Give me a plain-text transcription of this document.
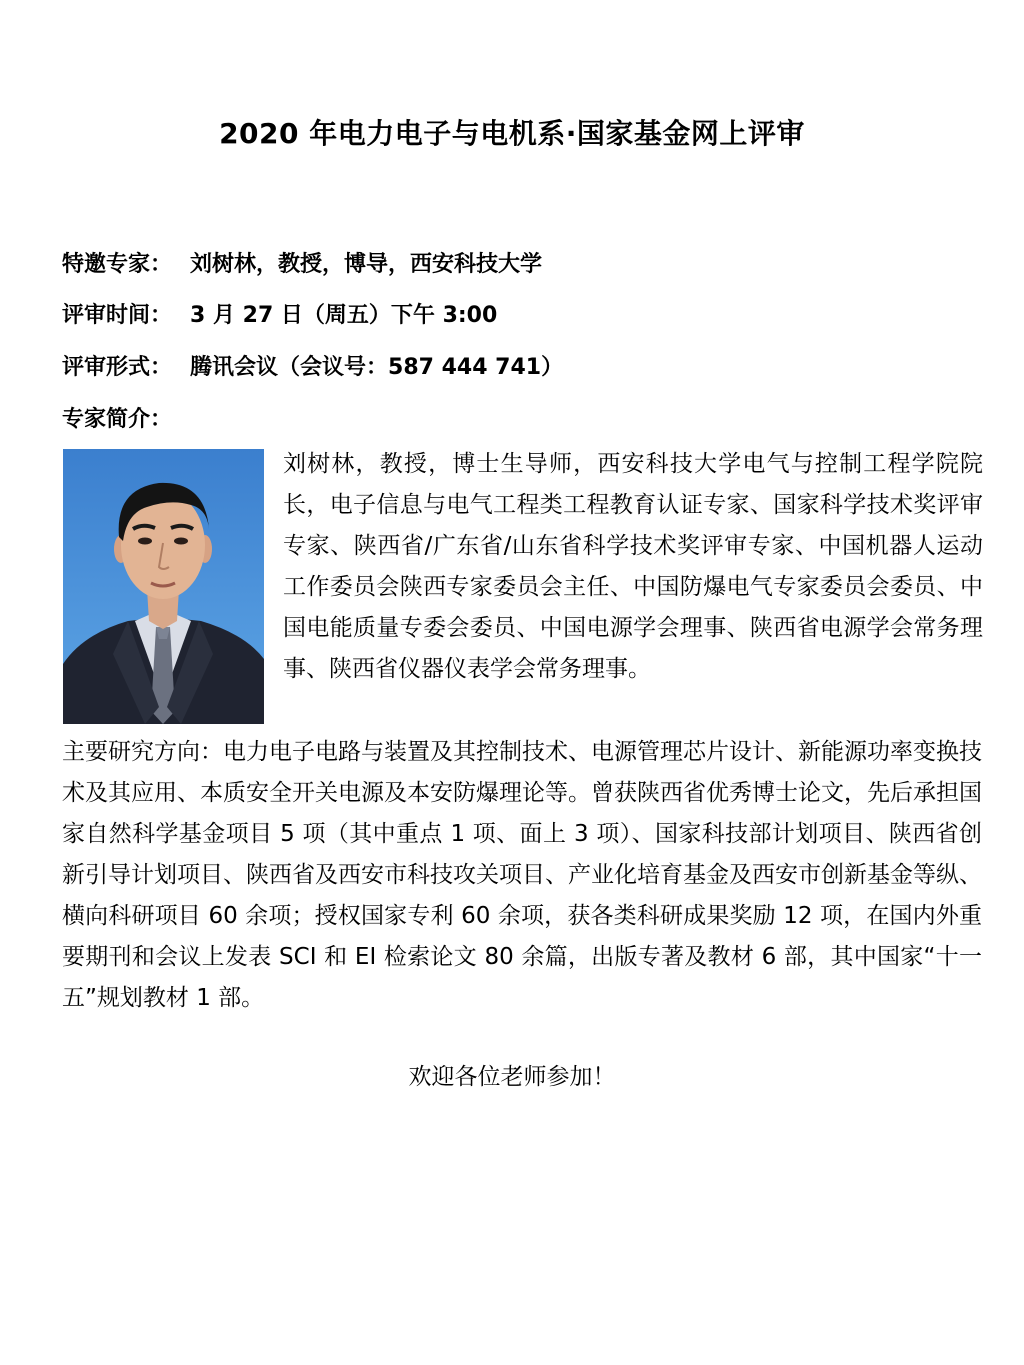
2020 年电力电子与电机系·国家基金网上评审
特邀专家： 刘树林，教授，博导，西安科技大学
评审时间： 3 月 27 日（周五）下午 3:00
评审形式： 腾讯会议（会议号：587 444 741）
专家简介：
刘树林，教授，博士生导师，西安科技大学电气与控制工程学院院长，电子信息与电气工程类工程教育认证专家、国家科学技术奖评审专家、陕西省/广东省/山东省科学技术奖评审专家、中国机器人运动工作委员会陕西专家委员会主任、中国防爆电气专家委员会委员、中国电能质量专委会委员、中国电源学会理事、陕西省电源学会常务理事、陕西省仪器仪表学会常务理事。
主要研究方向：电力电子电路与装置及其控制技术、电源管理芯片设计、新能源功率变换技术及其应用、本质安全开关电源及本安防爆理论等。曾获陕西省优秀博士论文，先后承担国家自然科学基金项目 5 项（其中重点 1 项、面上 3 项）、国家科技部计划项目、陕西省创新引导计划项目、陕西省及西安市科技攻关项目、产业化培育基金及西安市创新基金等纵、横向科研项目 60 余项；授权国家专利 60 余项，获各类科研成果奖励 12 项，在国内外重要期刊和会议上发表 SCI 和 EI 检索论文 80 余篇，出版专著及教材 6 部，其中国家“十一五”规划教材 1 部。
欢迎各位老师参加！
